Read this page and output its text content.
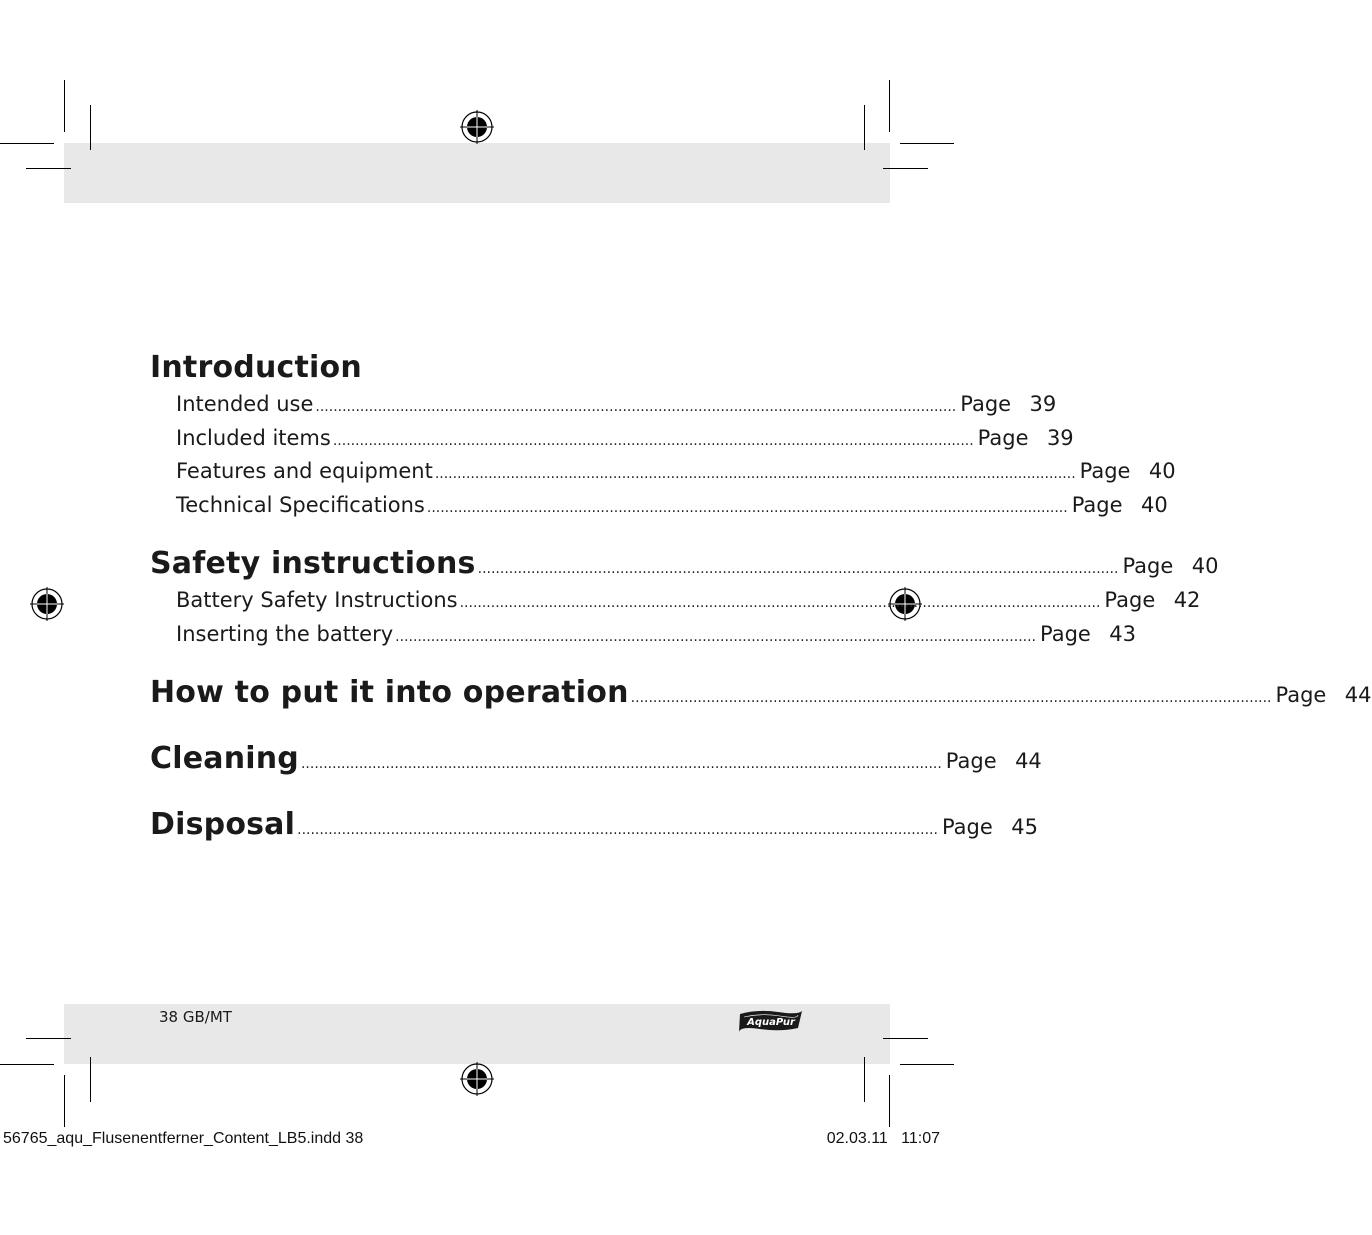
Introduction
Intended use ................................................................................................................................................ Page 39
Included items ................................................................................................................................................ Page 39
Features and equipment ................................................................................................................................................ Page 40
Technical Specifications ................................................................................................................................................ Page 40
Safety instructions ................................................................................................................................................ Page 40
Battery Safety Instructions ................................................................................................................................................ Page 42
Inserting the battery ................................................................................................................................................ Page 43
How to put it into operation ................................................................................................................................................ Page 44
Cleaning ................................................................................................................................................ Page 44
Disposal ................................................................................................................................................ Page 45
38 GB/MT	AquaPur
56765_aqu_Flusenentferner_Content_LB5.indd 38	02.03.11 11:07
